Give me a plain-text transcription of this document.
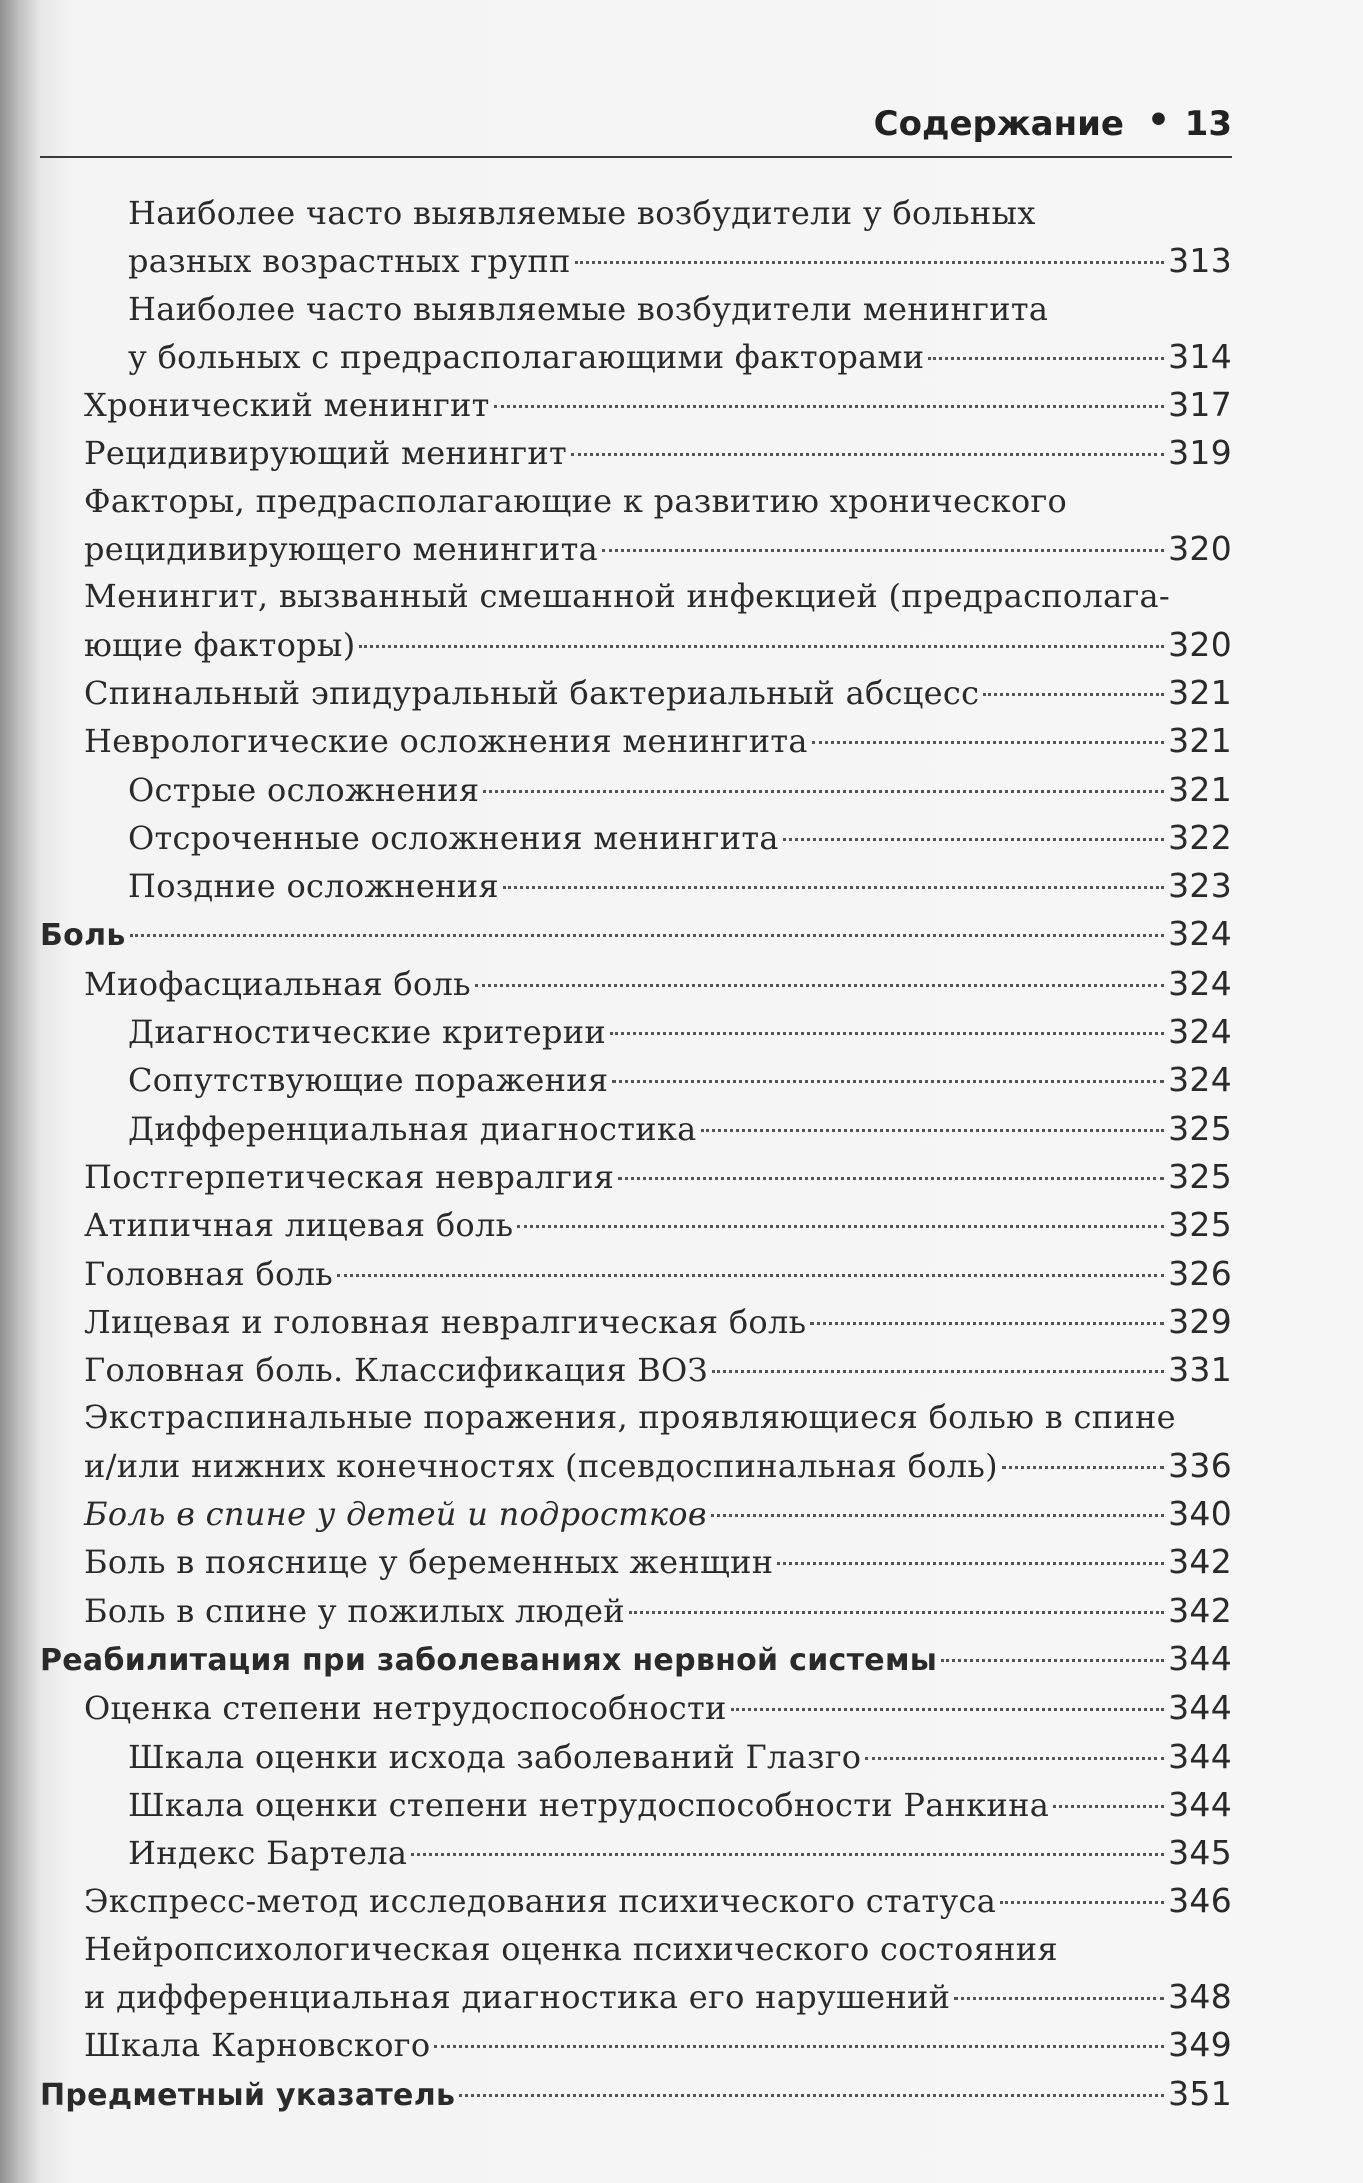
Содержание • 13
Наиболее часто выявляемые возбудители у больных
разных возрастных групп	313
Наиболее часто выявляемые возбудители менингита
у больных с предрасполагающими факторами	314
Хронический менингит	317
Рецидивирующий менингит	319
Факторы, предрасполагающие к развитию хронического
рецидивирующего менингита	320
Менингит, вызванный смешанной инфекцией (предрасполага-
ющие факторы)	320
Спинальный эпидуральный бактериальный абсцесс	321
Неврологические осложнения менингита	321
Острые осложнения	321
Отсроченные осложнения менингита	322
Поздние осложнения	323
Боль	324
Миофасциальная боль	324
Диагностические критерии	324
Сопутствующие поражения	324
Дифференциальная диагностика	325
Постгерпетическая невралгия	325
Атипичная лицевая боль	325
Головная боль	326
Лицевая и головная невралгическая боль	329
Головная боль. Классификация ВОЗ	331
Экстраспинальные поражения, проявляющиеся болью в спине
и/или нижних конечностях (псевдоспинальная боль)	336
Боль в спине у детей и подростков	340
Боль в пояснице у беременных женщин	342
Боль в спине у пожилых людей	342
Реабилитация при заболеваниях нервной системы	344
Оценка степени нетрудоспособности	344
Шкала оценки исхода заболеваний Глазго	344
Шкала оценки степени нетрудоспособности Ранкина	344
Индекс Бартела	345
Экспресс-метод исследования психического статуса	346
Нейропсихологическая оценка психического состояния
и дифференциальная диагностика его нарушений	348
Шкала Карновского	349
Предметный указатель	351
